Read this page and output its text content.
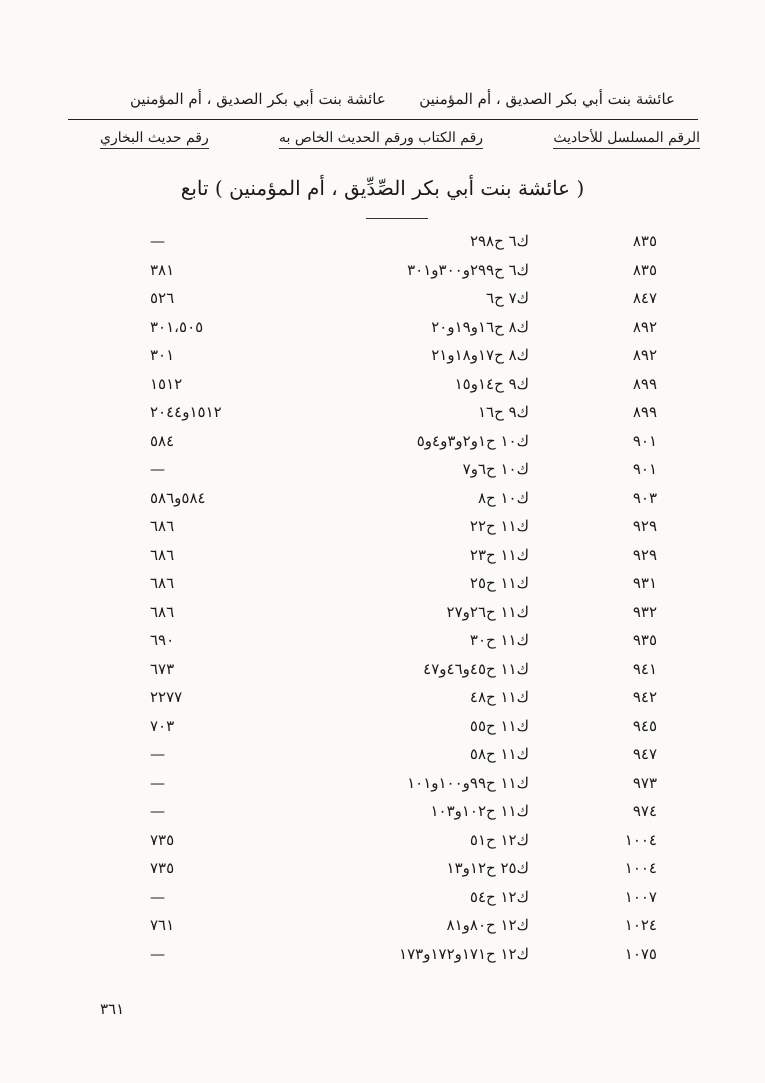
عائشة بنت أبي بكر الصديق ، أم المؤمنين
عائشة بنت أبي بكر الصديق ، أم المؤمنين
الرقم المسلسل للأحاديث
رقم الكتاب ورقم الحديث الخاص به
رقم حديث البخاري
( عائشة بنت أبي بكر الصِّدِّيق ، أم المؤمنين ) تابع
٨٣٥
ك٦ ح٢٩٨
—
٨٣٥
ك٦ ح٢٩٩و٣٠٠و٣٠١
٣٨١
٨٤٧
ك٧ ح٦
٥٢٦
٨٩٢
ك٨ ح١٦و١٩و٢٠
٣٠١،٥٠٥
٨٩٢
ك٨ ح١٧و١٨و٢١
٣٠١
٨٩٩
ك٩ ح١٤و١٥
١٥١٢
٨٩٩
ك٩ ح١٦
١٥١٢و٢٠٤٤
٩٠١
ك١٠ ح١و٢و٣و٤و٥
٥٨٤
٩٠١
ك١٠ ح٦و٧
—
٩٠٣
ك١٠ ح٨
٥٨٤و٥٨٦
٩٢٩
ك١١ ح٢٢
٦٨٦
٩٢٩
ك١١ ح٢٣
٦٨٦
٩٣١
ك١١ ح٢٥
٦٨٦
٩٣٢
ك١١ ح٢٦و٢٧
٦٨٦
٩٣٥
ك١١ ح٣٠
٦٩٠
٩٤١
ك١١ ح٤٥و٤٦و٤٧
٦٧٣
٩٤٢
ك١١ ح٤٨
٢٢٧٧
٩٤٥
ك١١ ح٥٥
٧٠٣
٩٤٧
ك١١ ح٥٨
—
٩٧٣
ك١١ ح٩٩و١٠٠و١٠١
—
٩٧٤
ك١١ ح١٠٢و١٠٣
—
١٠٠٤
ك١٢ ح٥١
٧٣٥
١٠٠٤
ك٢٥ ح١٢و١٣
٧٣٥
١٠٠٧
ك١٢ ح٥٤
—
١٠٢٤
ك١٢ ح٨٠و٨١
٧٦١
١٠٧٥
ك١٢ ح١٧١و١٧٢و١٧٣
—
٣٦١
